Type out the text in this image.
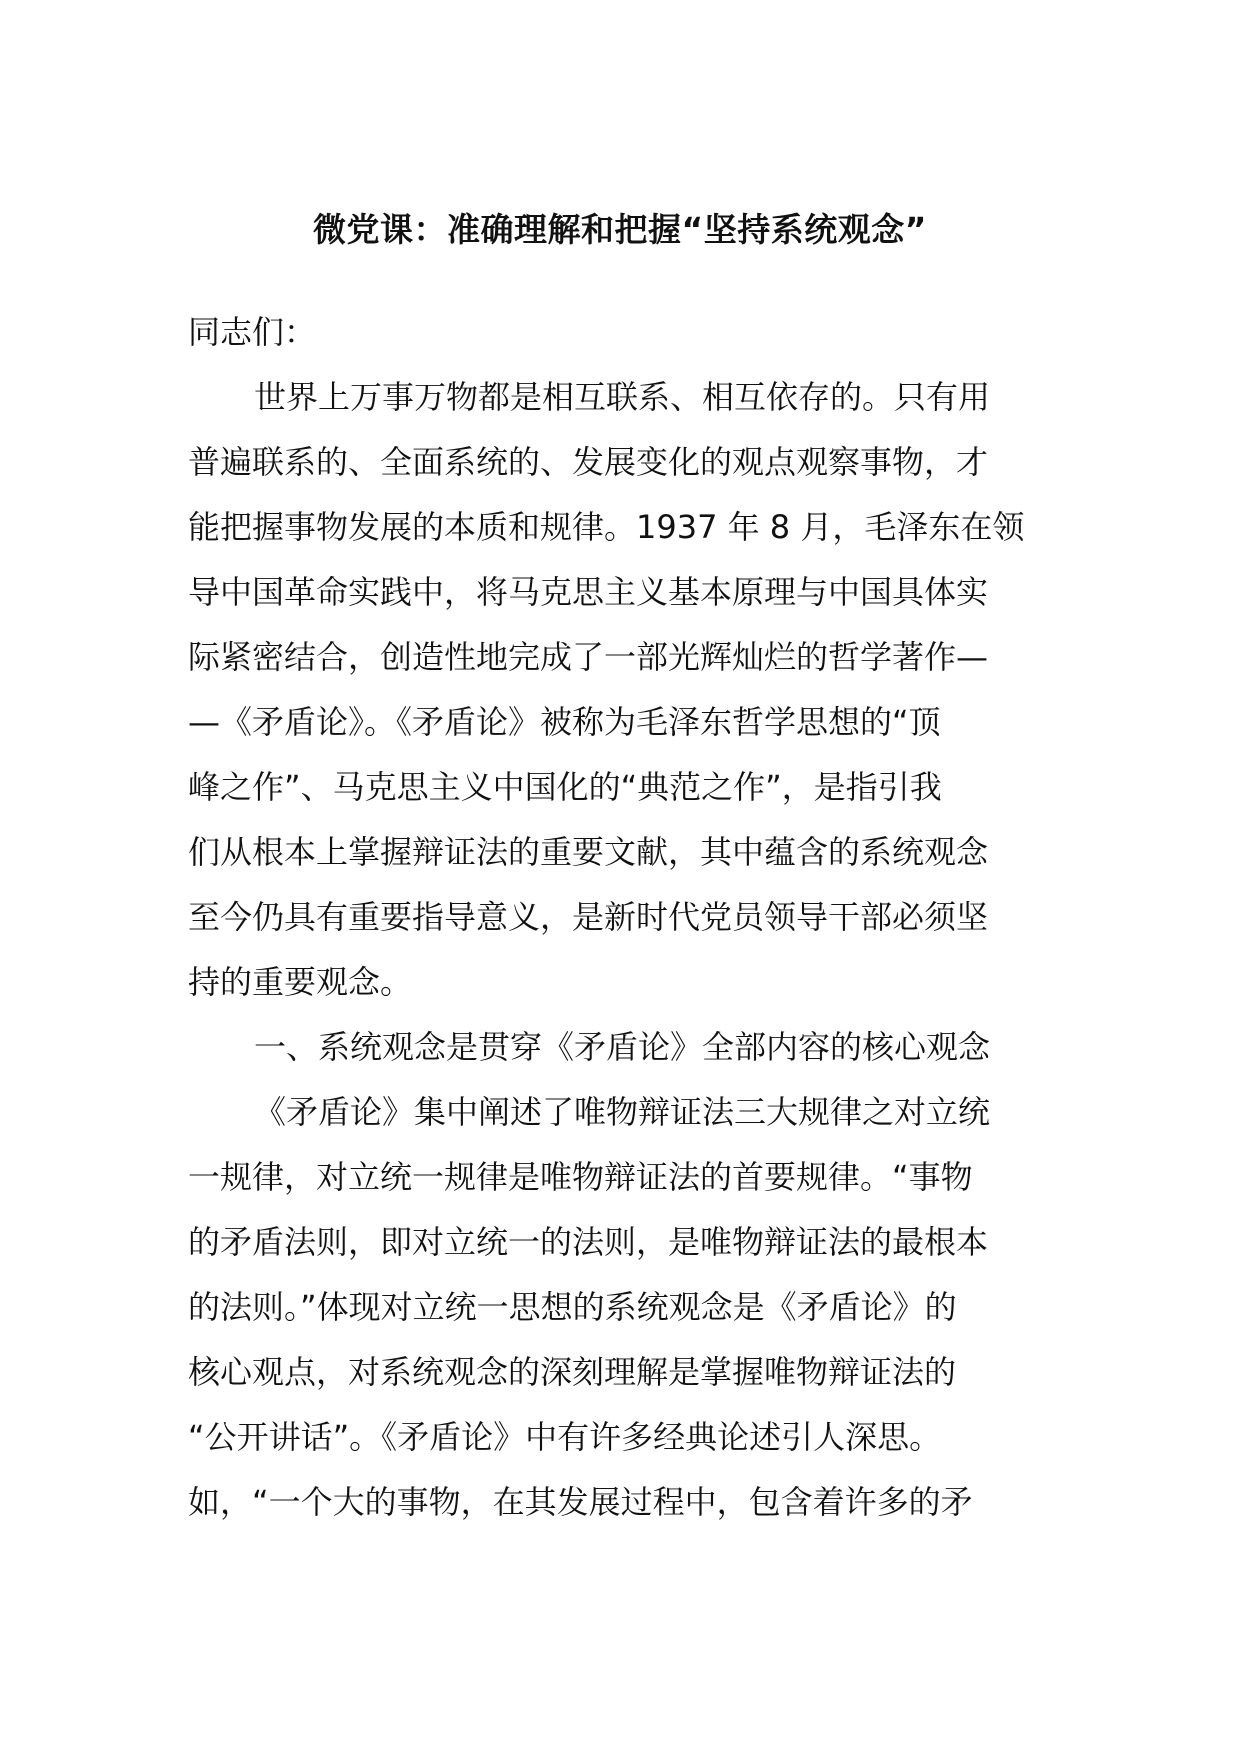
微党课：准确理解和把握“坚持系统观念”
同志们：
世界上万事万物都是相互联系、相互依存的。只有用
普遍联系的、全面系统的、发展变化的观点观察事物，才
能把握事物发展的本质和规律。1937 年 8 月，毛泽东在领
导中国革命实践中，将马克思主义基本原理与中国具体实
际紧密结合，创造性地完成了一部光辉灿烂的哲学著作—
—《矛盾论》。《矛盾论》被称为毛泽东哲学思想的“顶
峰之作”、马克思主义中国化的“典范之作”，是指引我
们从根本上掌握辩证法的重要文献，其中蕴含的系统观念
至今仍具有重要指导意义，是新时代党员领导干部必须坚
持的重要观念。
一、系统观念是贯穿《矛盾论》全部内容的核心观念
《矛盾论》集中阐述了唯物辩证法三大规律之对立统
一规律，对立统一规律是唯物辩证法的首要规律。“事物
的矛盾法则，即对立统一的法则，是唯物辩证法的最根本
的法则。”体现对立统一思想的系统观念是《矛盾论》的
核心观点，对系统观念的深刻理解是掌握唯物辩证法的
“公开讲话”。《矛盾论》中有许多经典论述引人深思。
如，“一个大的事物，在其发展过程中，包含着许多的矛
